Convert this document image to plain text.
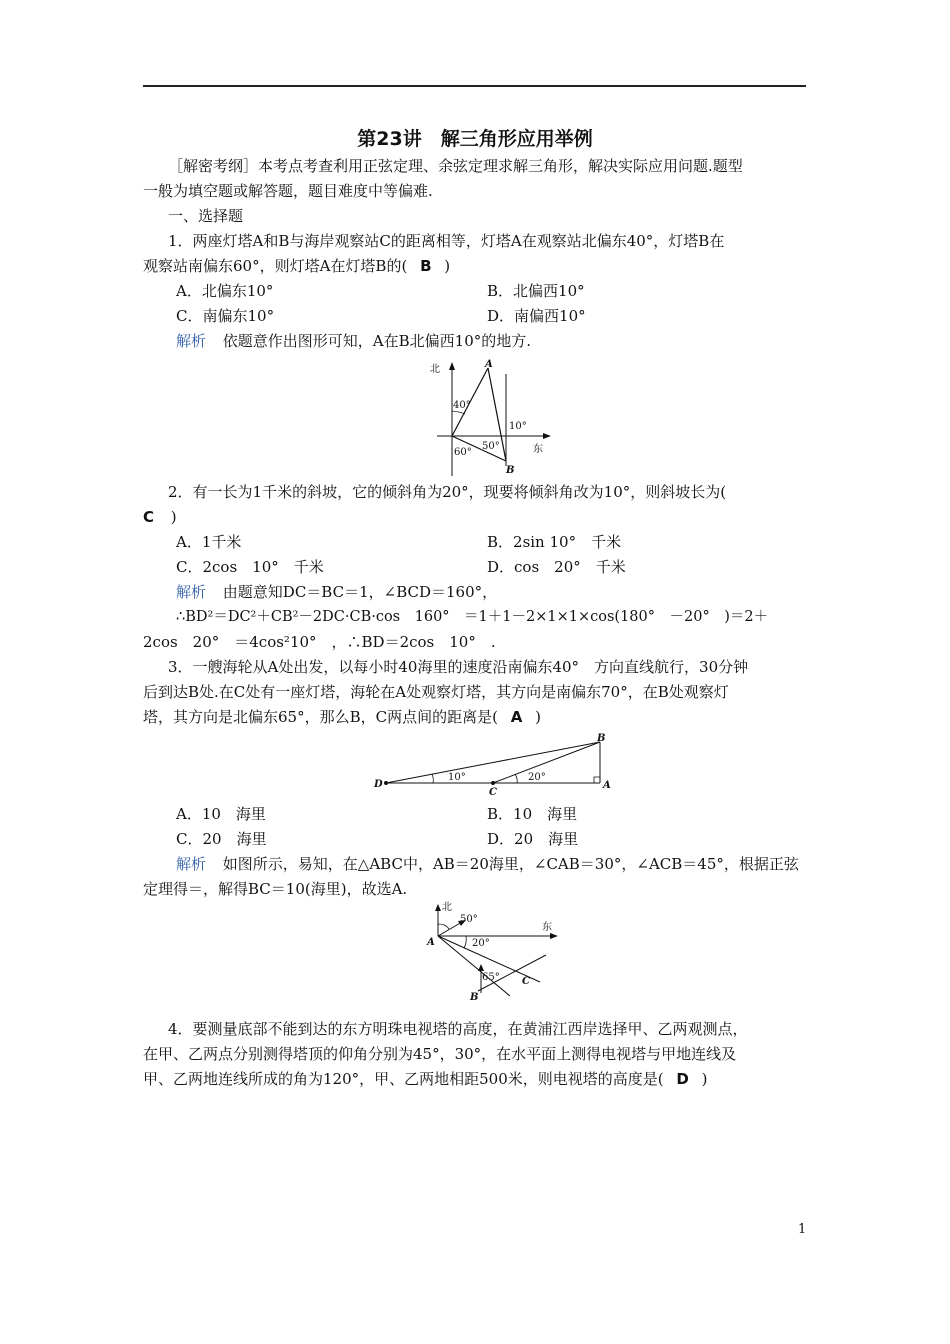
第23讲　解三角形应用举例
［解密考纲］本考点考查利用正弦定理、余弦定理求解三角形，解决实际应用问题.题型
一般为填空题或解答题，题目难度中等偏难.
一、选择题
1．两座灯塔A和B与海岸观察站C的距离相等，灯塔A在观察站北偏东40°，灯塔B在
观察站南偏东60°，则灯塔A在灯塔B的( B )
A．北偏东10°	B．北偏西10°
C．南偏东10°	D．南偏西10°
解析 依题意作出图形可知，A在B北偏西10°的地方.
北
东
40°
10°
50°
60°
A
B
2．有一长为1千米的斜坡，它的倾斜角为20°，现要将倾斜角改为10°，则斜坡长为(
C )
A．1千米	B．2sin 10°　千米
C．2cos　10°　千米	D．cos　20°　千米
解析 由题意知DC＝BC＝1，∠BCD＝160°，
∴BD²＝DC²＋CB²－2DC·CB·cos　160°　＝1＋1－2×1×1×cos(180°　－20°　)＝2＋
2cos　20°　＝4cos²10°　，∴BD＝2cos　10°　.
3．一艘海轮从A处出发，以每小时40海里的速度沿南偏东40°　方向直线航行，30分钟
后到达B处.在C处有一座灯塔，海轮在A处观察灯塔，其方向是南偏东70°，在B处观察灯
塔，其方向是北偏东65°，那么B，C两点间的距离是( A )
B
D
C
A
10°	20°
A．10　海里	B．10　海里
C．20　海里	D．20　海里
解析 如图所示，易知，在△ABC中，AB＝20海里，∠CAB＝30°，∠ACB＝45°，根据正弦
定理得＝，解得BC＝10(海里)，故选A.
北
东
50°
20°
65°
A
B
C
4．要测量底部不能到达的东方明珠电视塔的高度，在黄浦江西岸选择甲、乙两观测点，
在甲、乙两点分别测得塔顶的仰角分别为45°，30°，在水平面上测得电视塔与甲地连线及
甲、乙两地连线所成的角为120°，甲、乙两地相距500米，则电视塔的高度是( D )
1
